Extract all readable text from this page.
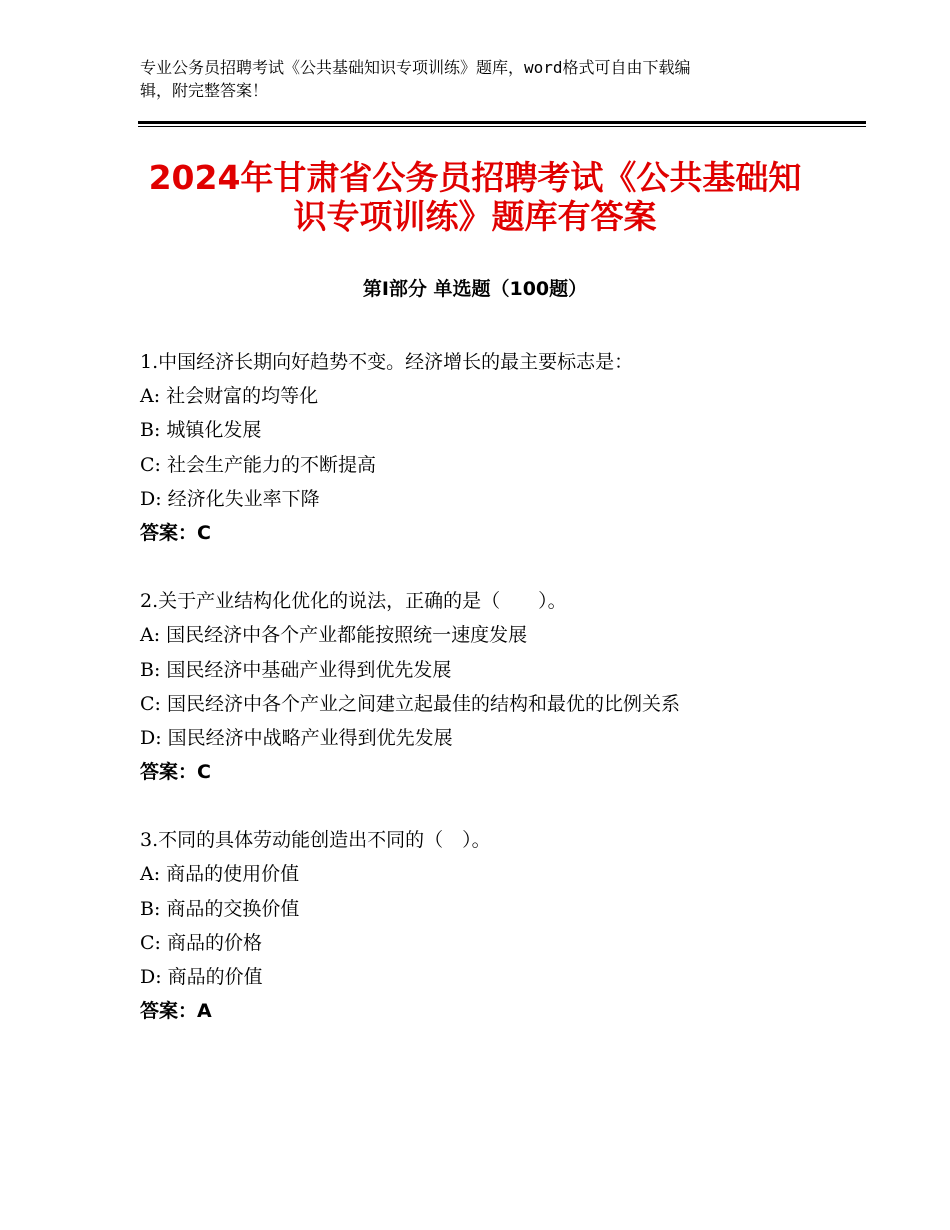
专业公务员招聘考试《公共基础知识专项训练》题库，word格式可自由下载编
辑，附完整答案！
2024年甘肃省公务员招聘考试《公共基础知
识专项训练》题库有答案
第Ⅰ部分 单选题（100题）
1.中国经济长期向好趋势不变。经济增长的最主要标志是：
A: 社会财富的均等化
B: 城镇化发展
C: 社会生产能力的不断提高
D: 经济化失业率下降
答案：C
2.关于产业结构化优化的说法，正确的是（　　）。
A: 国民经济中各个产业都能按照统一速度发展
B: 国民经济中基础产业得到优先发展
C: 国民经济中各个产业之间建立起最佳的结构和最优的比例关系
D: 国民经济中战略产业得到优先发展
答案：C
3.不同的具体劳动能创造出不同的（　）。
A: 商品的使用价值
B: 商品的交换价值
C: 商品的价格
D: 商品的价值
答案：A
